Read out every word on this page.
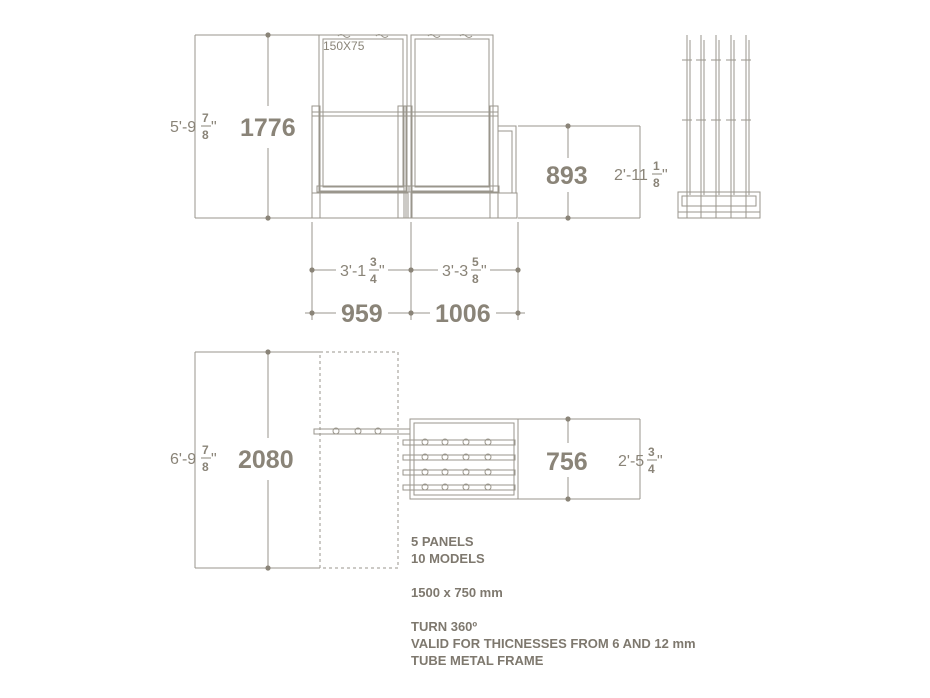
150X75
1776
5'-9
7
8 "
893 2'-11
1
8 "
3'-1
3
4 "	3'-3
5
8 "
959 1006
2080
6'-9
7
8 "	756 2'-5
3
4 "
5 PANELS
10 MODELS
1500 x 750 mm
TURN 360º
VALID FOR THICNESSES FROM 6 AND 12 mm
TUBE METAL FRAME
